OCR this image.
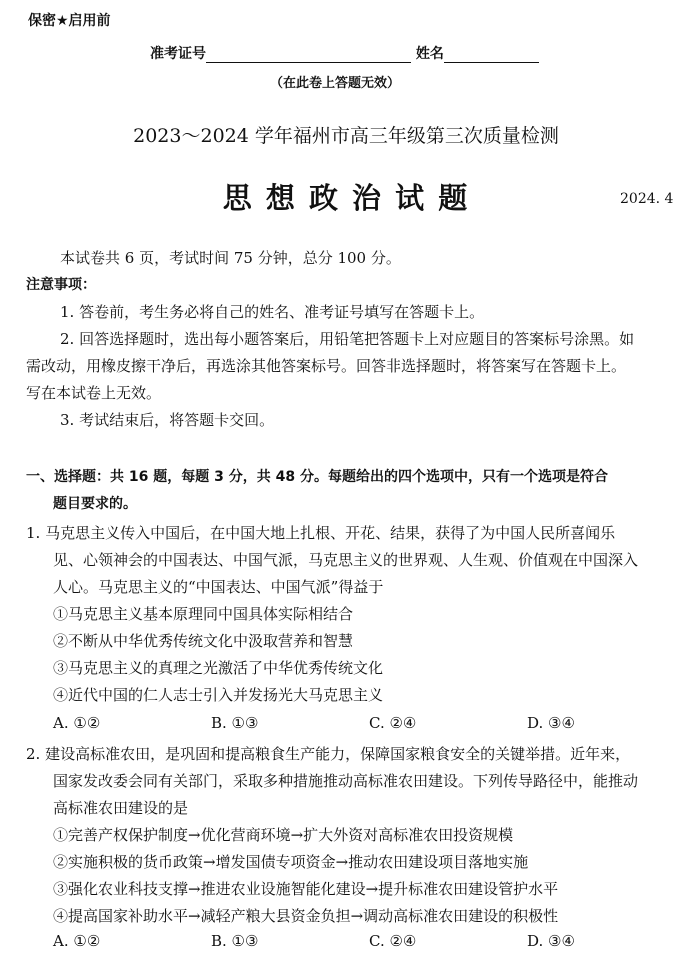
保密★启用前
准考证号	姓名
（在此卷上答题无效）
2023～2024 学年福州市高三年级第三次质量检测
思 想 政 治 试 题	2024. 4
本试卷共 6 页，考试时间 75 分钟，总分 100 分。
注意事项：
1. 答卷前，考生务必将自己的姓名、准考证号填写在答题卡上。
2. 回答选择题时，选出每小题答案后，用铅笔把答题卡上对应题目的答案标号涂黑。如
需改动，用橡皮擦干净后，再选涂其他答案标号。回答非选择题时，将答案写在答题卡上。
写在本试卷上无效。
3. 考试结束后，将答题卡交回。
一、选择题：共 16 题，每题 3 分，共 48 分。每题给出的四个选项中，只有一个选项是符合
题目要求的。
1. 马克思主义传入中国后，在中国大地上扎根、开花、结果，获得了为中国人民所喜闻乐
见、心领神会的中国表达、中国气派，马克思主义的世界观、人生观、价值观在中国深入
人心。马克思主义的“中国表达、中国气派”得益于
①马克思主义基本原理同中国具体实际相结合
②不断从中华优秀传统文化中汲取营养和智慧
③马克思主义的真理之光激活了中华优秀传统文化
④近代中国的仁人志士引入并发扬光大马克思主义
A. ①②	B. ①③	C. ②④	D. ③④
2. 建设高标准农田，是巩固和提高粮食生产能力，保障国家粮食安全的关键举措。近年来，
国家发改委会同有关部门，采取多种措施推动高标准农田建设。下列传导路径中，能推动
高标准农田建设的是
①完善产权保护制度→优化营商环境→扩大外资对高标准农田投资规模
②实施积极的货币政策→增发国债专项资金→推动农田建设项目落地实施
③强化农业科技支撑→推进农业设施智能化建设→提升标准农田建设管护水平
④提高国家补助水平→减轻产粮大县资金负担→调动高标准农田建设的积极性
A. ①②	B. ①③	C. ②④	D. ③④
